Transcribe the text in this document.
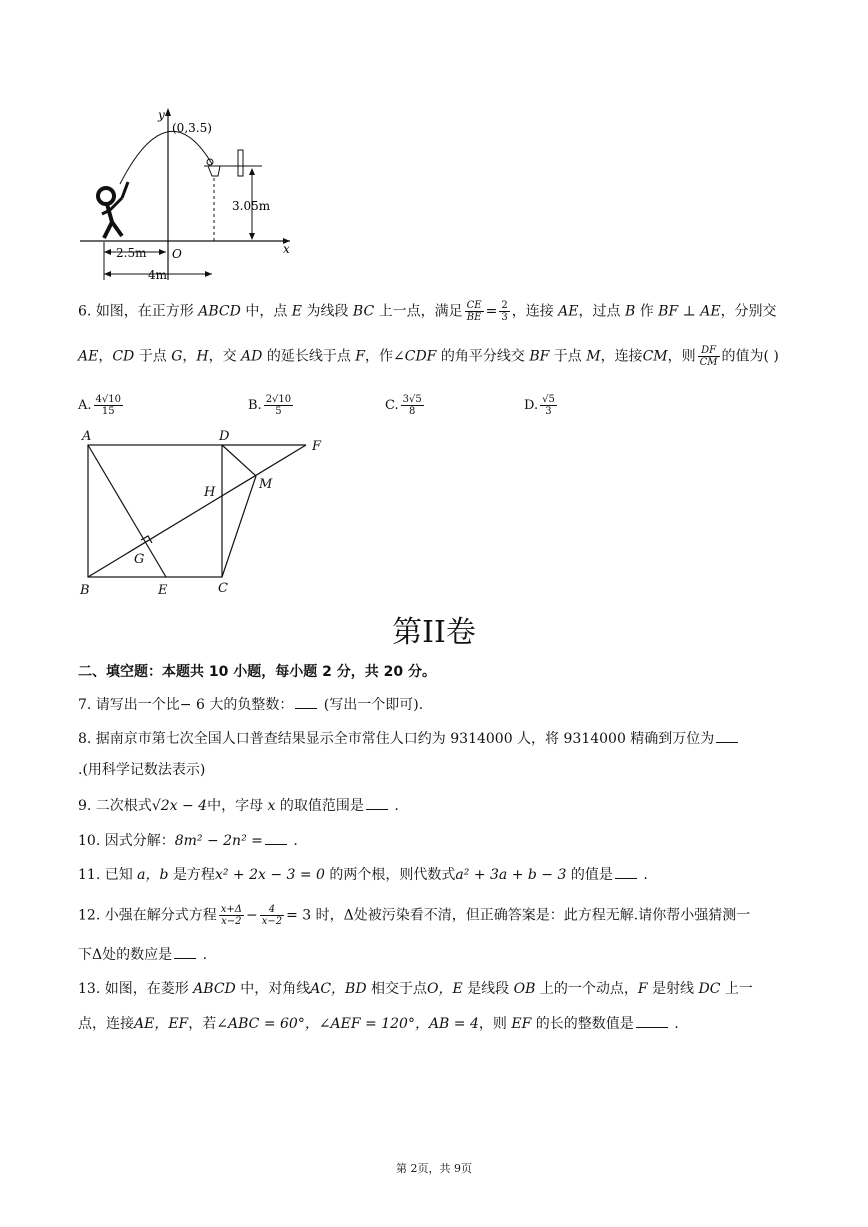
y
x
(0,3.5)
3.05m
2.5m O
4m
6. 如图，在正方形 ABCD 中，点 E 为线段 BC 上一点，满足 $\frac{CE}{BE} = \frac{2}{3}$ ，连接 AE，过点 B 作 BF ⊥ AE，分别交
AE，CD 于点 G，H，交 AD 的延长线于点 F，作∠CDF 的角平分线交 BF 于点 M，连接CM，则 $\frac{DF}{CM}$ 的值为( )
A. $\frac{4√10}{15}$	B. $\frac{2√10}{5}$	C. $\frac{3√5}{8}$	D. $\frac{√5}{3}$
A	D
F
H
M
G
B	E	C
第II卷
二、填空题：本题共 10 小题，每小题 2 分，共 20 分。
7. 请写出一个比− 6 大的负整数： (写出一个即可).
8. 据南京市第七次全国人口普查结果显示全市常住人口约为 9314000 人，将 9314000 精确到万位为
.(用科学记数法表示)
9. 二次根式√2x − 4中，字母 x 的取值范围是 .
10. 因式分解：8m² − 2n² = .
11. 已知 a，b 是方程x² + 2x − 3 = 0 的两个根，则代数式a² + 3a + b − 3 的值是 .
12. 小强在解分式方程 $\frac{x+\Delta}{x-2} - \frac{4}{x-2} = 3$ 时，Δ处被污染看不清，但正确答案是：此方程无解.请你帮小强猜测一
下Δ处的数应是 .
13. 如图，在菱形 ABCD 中，对角线AC，BD 相交于点O，E 是线段 OB 上的一个动点，F 是射线 DC 上一
点，连接AE，EF，若∠ABC = 60°，∠AEF = 120°，AB = 4，则 EF 的长的整数值是	.
第 2页，共 9页
